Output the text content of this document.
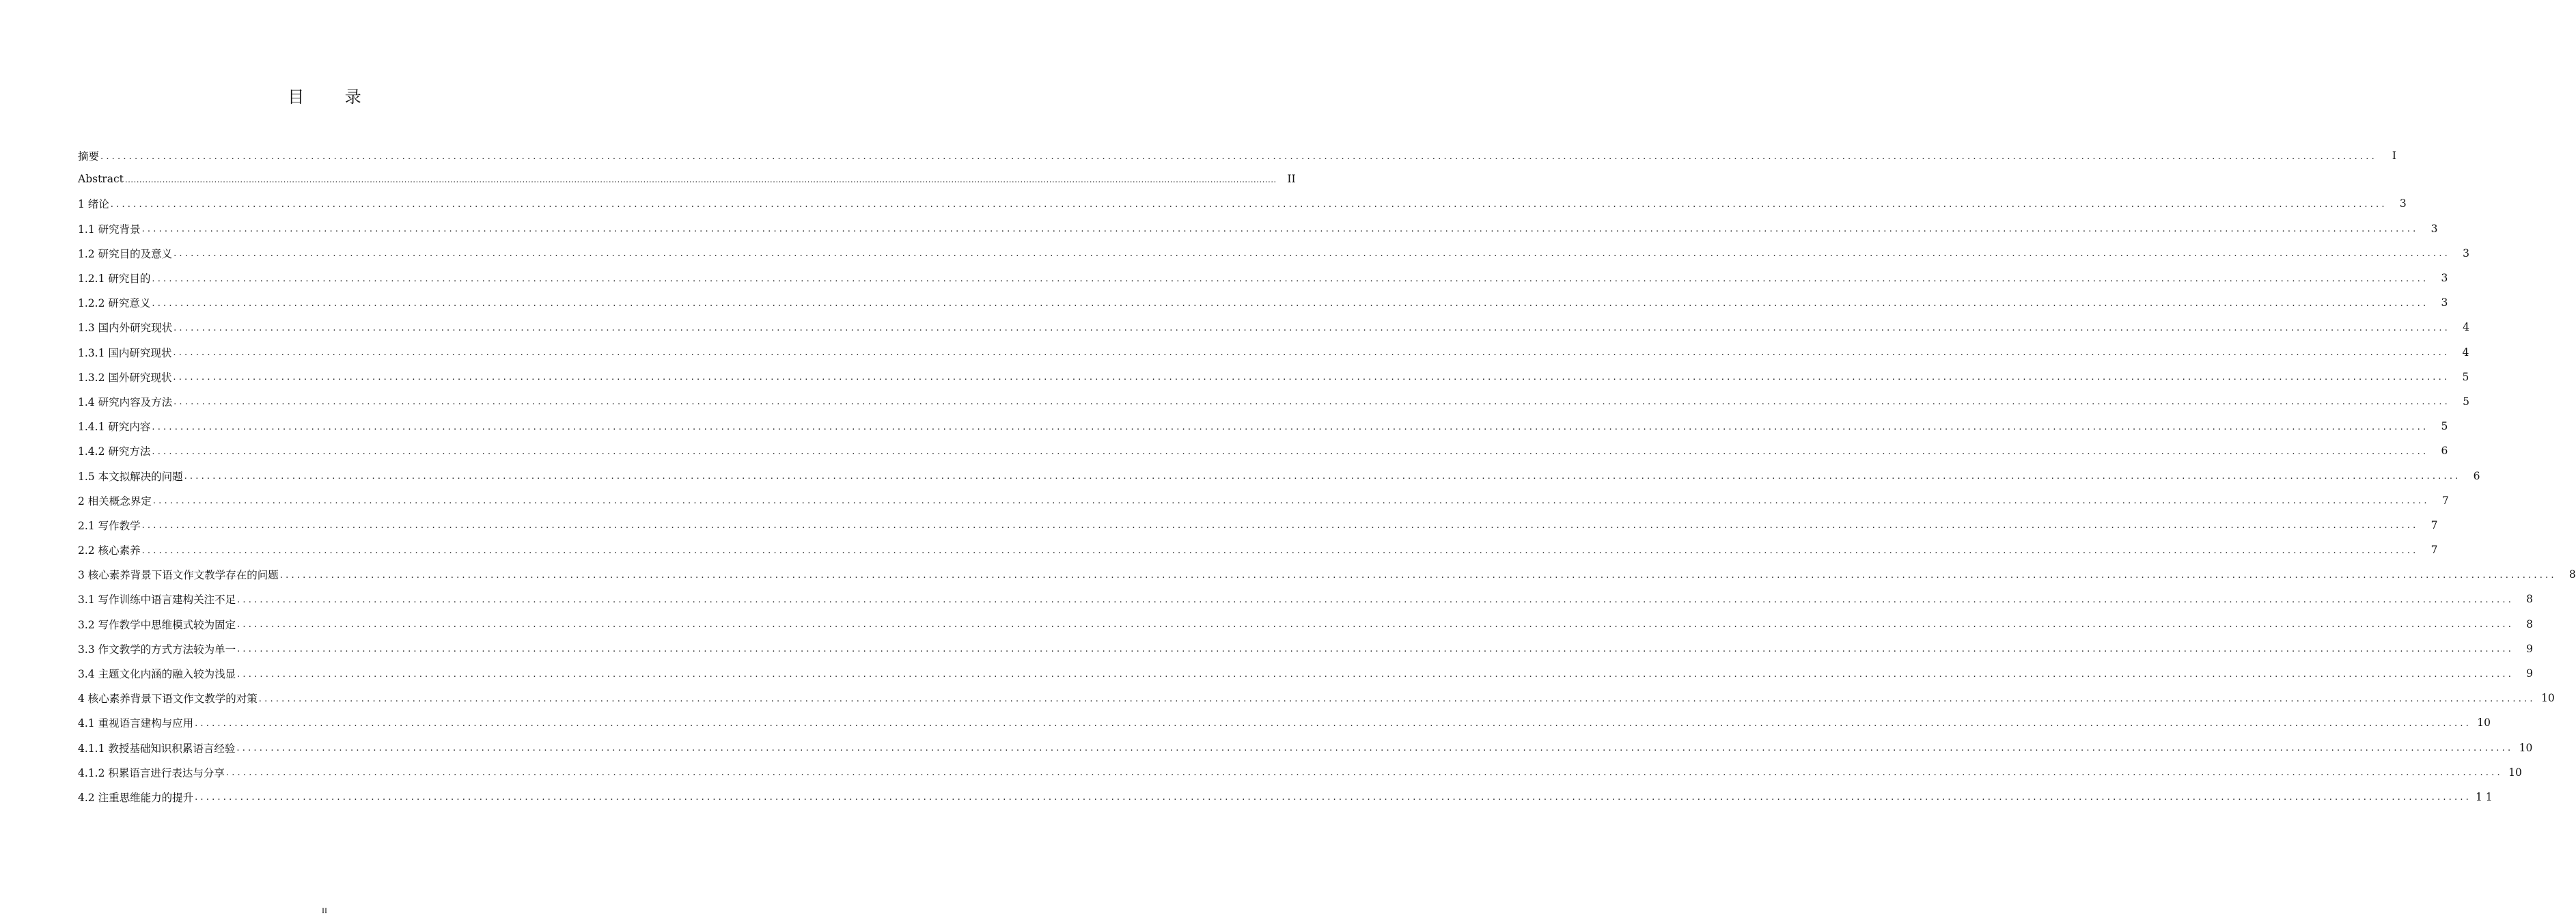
目 录
摘要 ................................................................................................................................................................................................................................................................................................................................................................................................................	I
Abstract ................................................................................................................................................................................................................................................................................................................................................................................................................	II
1 绪论 ................................................................................................................................................................................................................................................................................................................................................................................................................	3
1.1 研究背景 ................................................................................................................................................................................................................................................................................................................................................................................................................	3
1.2 研究目的及意义 ................................................................................................................................................................................................................................................................................................................................................................................................................	3
1.2.1 研究目的 ................................................................................................................................................................................................................................................................................................................................................................................................................	3
1.2.2 研究意义 ................................................................................................................................................................................................................................................................................................................................................................................................................	3
1.3 国内外研究现状 ................................................................................................................................................................................................................................................................................................................................................................................................................	4
1.3.1 国内研究现状 ................................................................................................................................................................................................................................................................................................................................................................................................................	4
1.3.2 国外研究现状 ................................................................................................................................................................................................................................................................................................................................................................................................................	5
1.4 研究内容及方法 ................................................................................................................................................................................................................................................................................................................................................................................................................	5
1.4.1 研究内容 ................................................................................................................................................................................................................................................................................................................................................................................................................	5
1.4.2 研究方法 ................................................................................................................................................................................................................................................................................................................................................................................................................	6
1.5 本文拟解决的问题 ................................................................................................................................................................................................................................................................................................................................................................................................................	6
2 相关概念界定 ................................................................................................................................................................................................................................................................................................................................................................................................................	7
2.1 写作教学 ................................................................................................................................................................................................................................................................................................................................................................................................................	7
2.2 核心素养 ................................................................................................................................................................................................................................................................................................................................................................................................................	7
3 核心素养背景下语文作文教学存在的问题 ................................................................................................................................................................................................................................................................................................................................................................................................................	8
3.1 写作训练中语言建构关注不足 ................................................................................................................................................................................................................................................................................................................................................................................................................	8
3.2 写作教学中思维模式较为固定 ................................................................................................................................................................................................................................................................................................................................................................................................................	8
3.3 作文教学的方式方法较为单一 ................................................................................................................................................................................................................................................................................................................................................................................................................	9
3.4 主题文化内涵的融入较为浅显 ................................................................................................................................................................................................................................................................................................................................................................................................................	9
4 核心素养背景下语文作文教学的对策 ................................................................................................................................................................................................................................................................................................................................................................................................................ 10
4.1 重视语言建构与应用 ................................................................................................................................................................................................................................................................................................................................................................................................................ 10
4.1.1 教授基础知识积累语言经验 ................................................................................................................................................................................................................................................................................................................................................................................................................ 10
4.1.2 积累语言进行表达与分享 ................................................................................................................................................................................................................................................................................................................................................................................................................ 10
4.2 注重思维能力的提升 ................................................................................................................................................................................................................................................................................................................................................................................................................ 1 1
II
